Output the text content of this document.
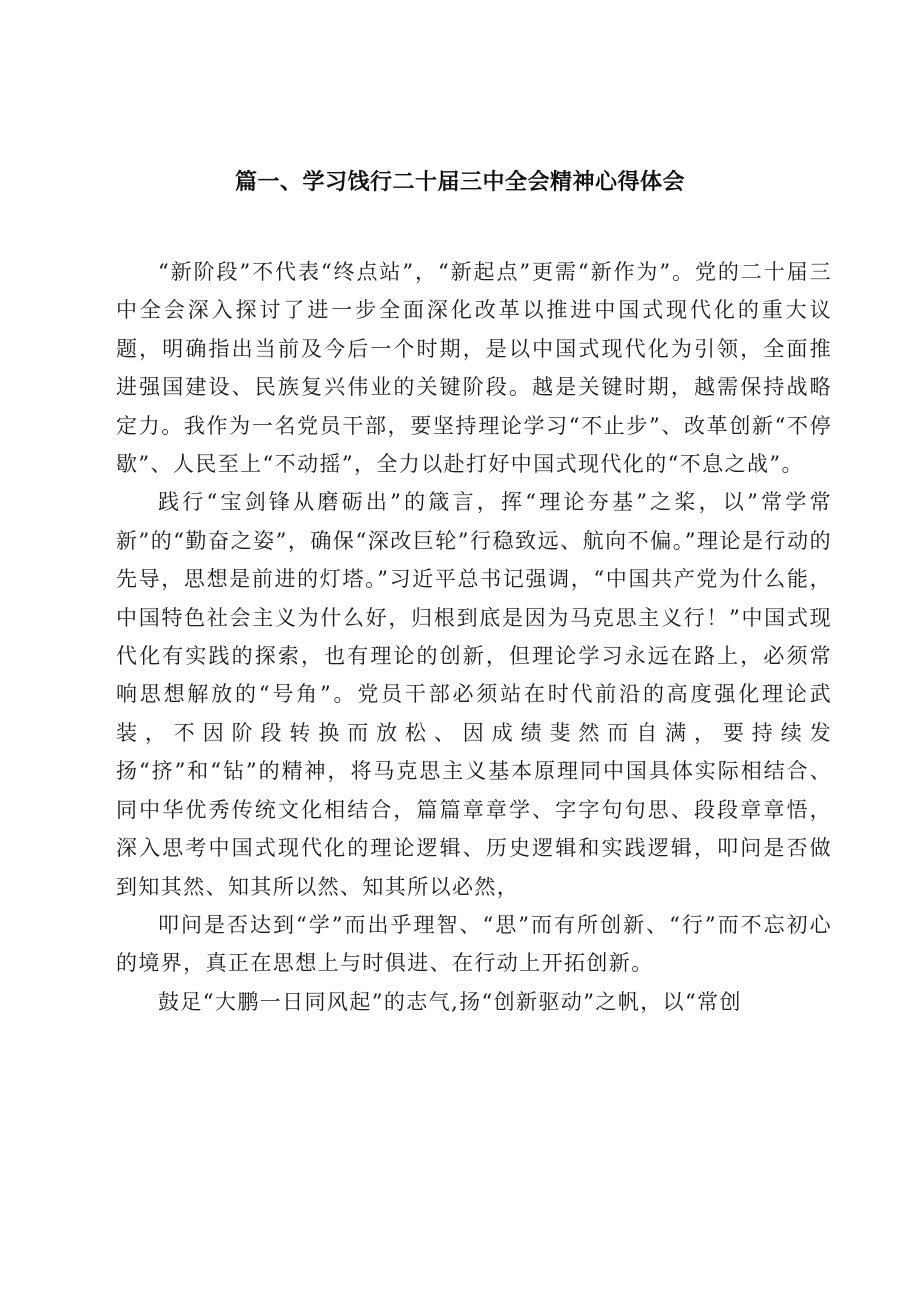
篇一、学习饯行二十届三中全会精神心得体会

“新阶段”不代表“终点站”，“新起点”更需“新作为”。党的二十届三中全会深入探讨了进一步全面深化改革以推进中国式现代化的重大议题，明确指出当前及今后一个时期，是以中国式现代化为引领，全面推进强国建设、民族复兴伟业的关键阶段。越是关键时期，越需保持战略定力。我作为一名党员干部，要坚持理论学习“不止步”、改革创新“不停歇”、人民至上“不动摇”，全力以赴打好中国式现代化的“不息之战”。

践行“宝剑锋从磨砺出”的箴言，挥“理论夯基”之桨，以”常学常新”的“勤奋之姿”，确保“深改巨轮”行稳致远、航向不偏。”理论是行动的先导，思想是前进的灯塔。”习近平总书记强调，“中国共产党为什么能，中国特色社会主义为什么好，归根到底是因为马克思主义行！”中国式现代化有实践的探索，也有理论的创新，但理论学习永远在路上，必须常响思想解放的“号角”。党员干部必须站在时代前沿的高度强化理论武装，不因阶段转换而放松、因成绩斐然而自满，要持续发扬“挤”和“钻”的精神，将马克思主义基本原理同中国具体实际相结合、同中华优秀传统文化相结合，篇篇章章学、字字句句思、段段章章悟，深入思考中国式现代化的理论逻辑、历史逻辑和实践逻辑，叩问是否做到知其然、知其所以然、知其所以必然，

叩问是否达到“学”而出乎理智、“思”而有所创新、“行”而不忘初心的境界，真正在思想上与时俱进、在行动上开拓创新。

鼓足“大鹏一日同风起”的志气,扬“创新驱动”之帆，以“常创
